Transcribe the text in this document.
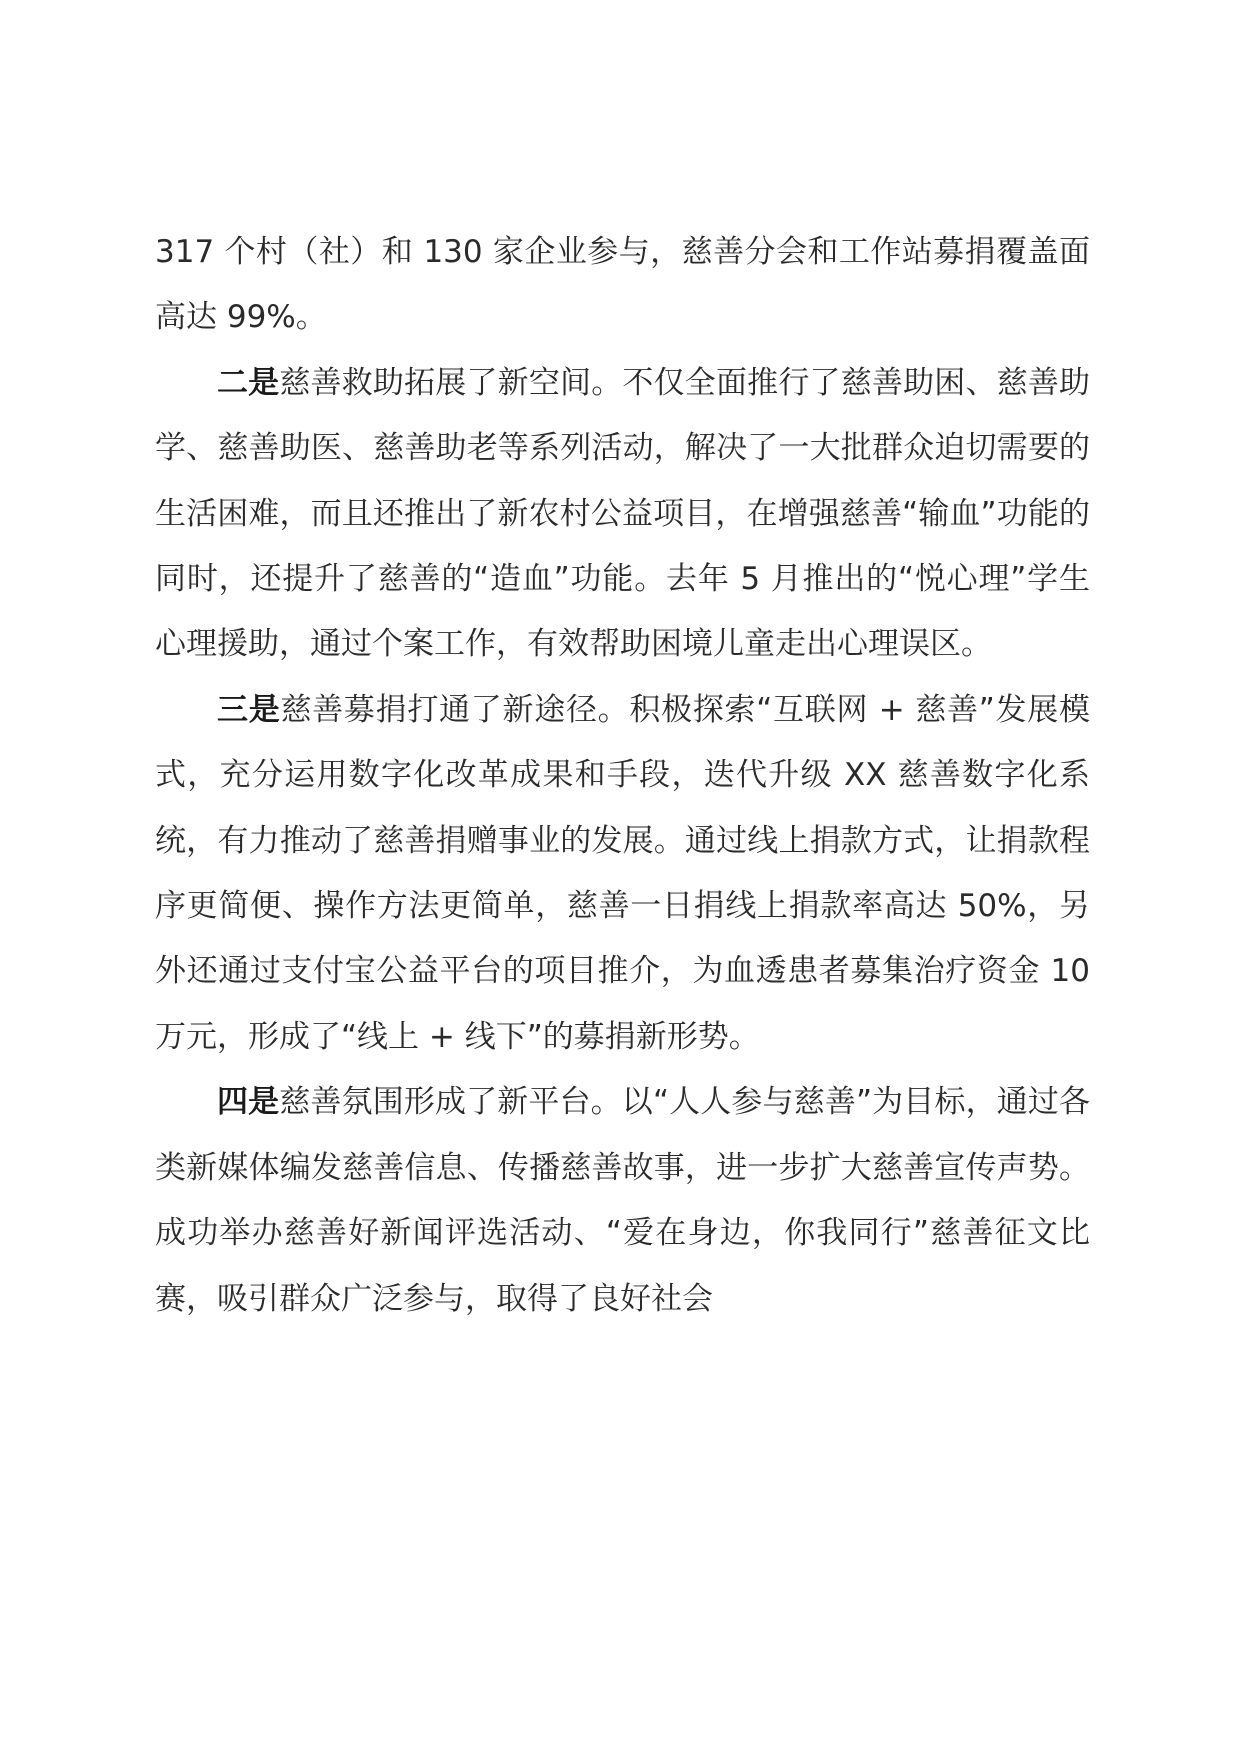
317 个村（社）和 130 家企业参与，慈善分会和工作站募捐覆盖面高达 99%。

二是慈善救助拓展了新空间。不仅全面推行了慈善助困、慈善助学、慈善助医、慈善助老等系列活动，解决了一大批群众迫切需要的生活困难，而且还推出了新农村公益项目，在增强慈善“输血”功能的同时，还提升了慈善的“造血”功能。去年 5 月推出的“悦心理”学生心理援助，通过个案工作，有效帮助困境儿童走出心理误区。

三是慈善募捐打通了新途径。积极探索“互联网 + 慈善”发展模式，充分运用数字化改革成果和手段，迭代升级 XX 慈善数字化系统，有力推动了慈善捐赠事业的发展。通过线上捐款方式，让捐款程序更简便、操作方法更简单，慈善一日捐线上捐款率高达 50%，另外还通过支付宝公益平台的项目推介，为血透患者募集治疗资金 10 万元，形成了“线上 + 线下”的募捐新形势。

四是慈善氛围形成了新平台。以“人人参与慈善”为目标，通过各类新媒体编发慈善信息、传播慈善故事，进一步扩大慈善宣传声势。成功举办慈善好新闻评选活动、“爱在身边，你我同行”慈善征文比赛，吸引群众广泛参与，取得了良好社会
